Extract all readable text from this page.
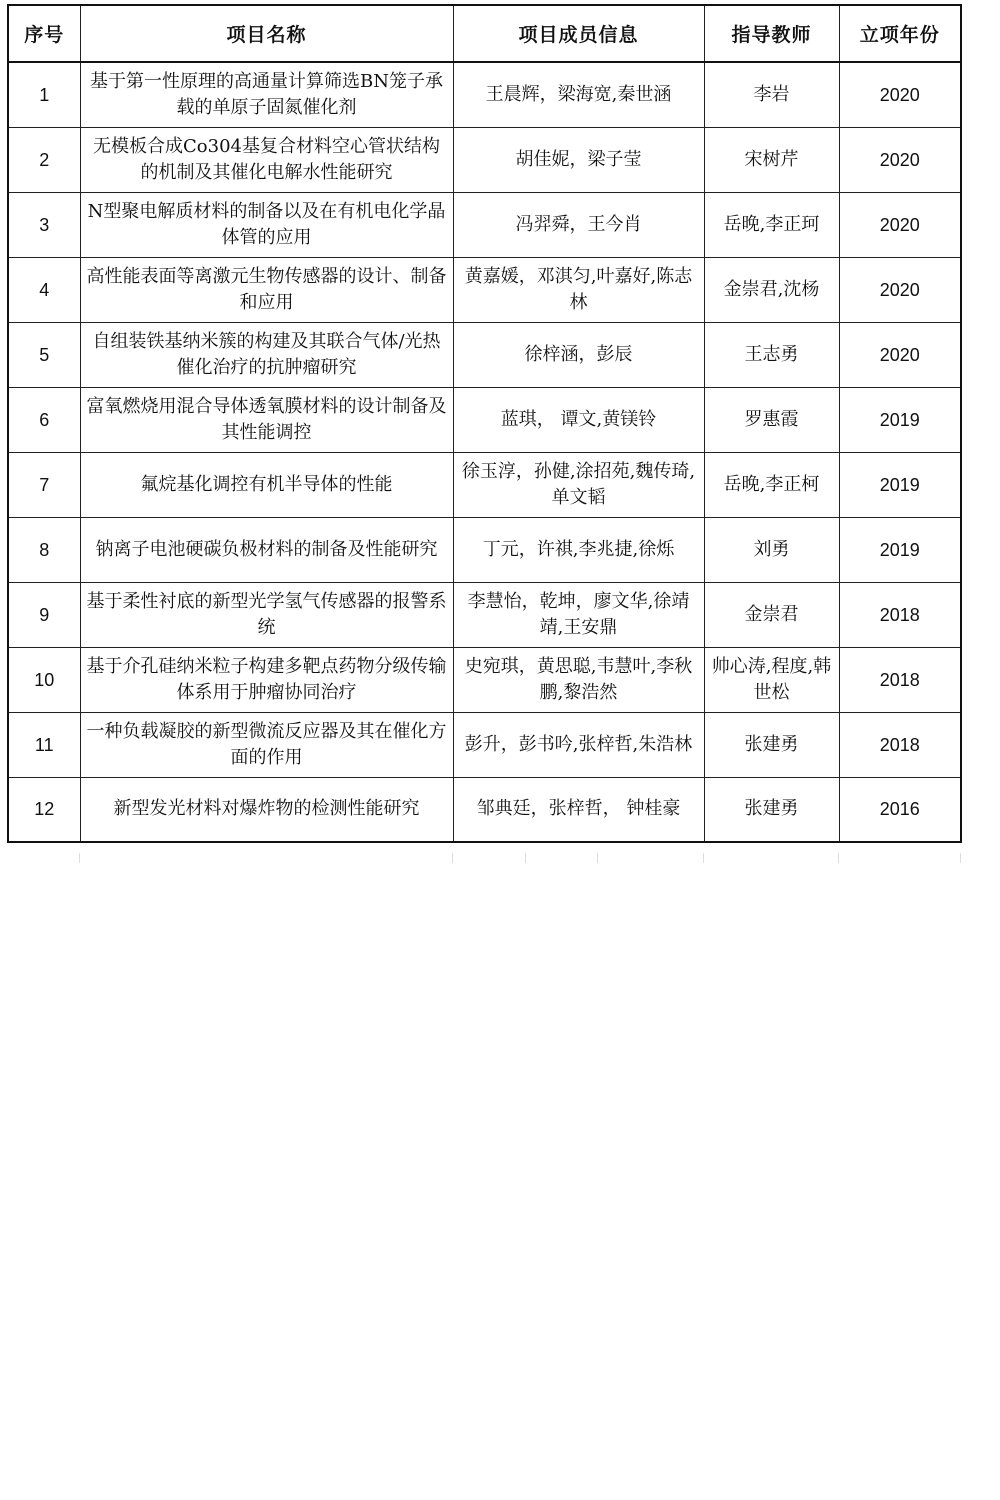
序号	项目名称	项目成员信息	指导教师	立项年份
1	基于第一性原理的高通量计算筛选BN笼子承载的单原子固氮催化剂	王晨辉，梁海宽,秦世涵	李岩	2020
2	无模板合成Co304基复合材料空心管状结构的机制及其催化电解水性能研究	胡佳妮，梁子莹	宋树芹	2020
3	N型聚电解质材料的制备以及在有机电化学晶体管的应用	冯羿舜，王今肖	岳晚,李正珂	2020
4	高性能表面等离激元生物传感器的设计、制备和应用	黄嘉媛，邓淇匀,叶嘉好,陈志林	金崇君,沈杨	2020
5	自组装铁基纳米簇的构建及其联合气体/光热催化治疗的抗肿瘤研究	徐梓涵，彭辰	王志勇	2020
6	富氧燃烧用混合导体透氧膜材料的设计制备及其性能调控	蓝琪， 谭文,黄镁铃	罗惠霞	2019
7	氟烷基化调控有机半导体的性能	徐玉淳，孙健,涂招苑,魏传琦,单文韬	岳晚,李正柯	2019
8	钠离子电池硬碳负极材料的制备及性能研究	丁元，许祺,李兆捷,徐烁	刘勇	2019
9	基于柔性衬底的新型光学氢气传感器的报警系统	李慧怡，乾坤，廖文华,徐靖靖,王安鼎	金崇君	2018
10	基于介孔硅纳米粒子构建多靶点药物分级传输体系用于肿瘤协同治疗	史宛琪，黄思聪,韦慧叶,李秋鹏,黎浩然	帅心涛,程度,韩世松	2018
11	一种负载凝胶的新型微流反应器及其在催化方面的作用	彭升，彭书吟,张梓哲,朱浩林	张建勇	2018
12	新型发光材料对爆炸物的检测性能研究	邹典廷，张梓哲， 钟桂豪	张建勇	2016
